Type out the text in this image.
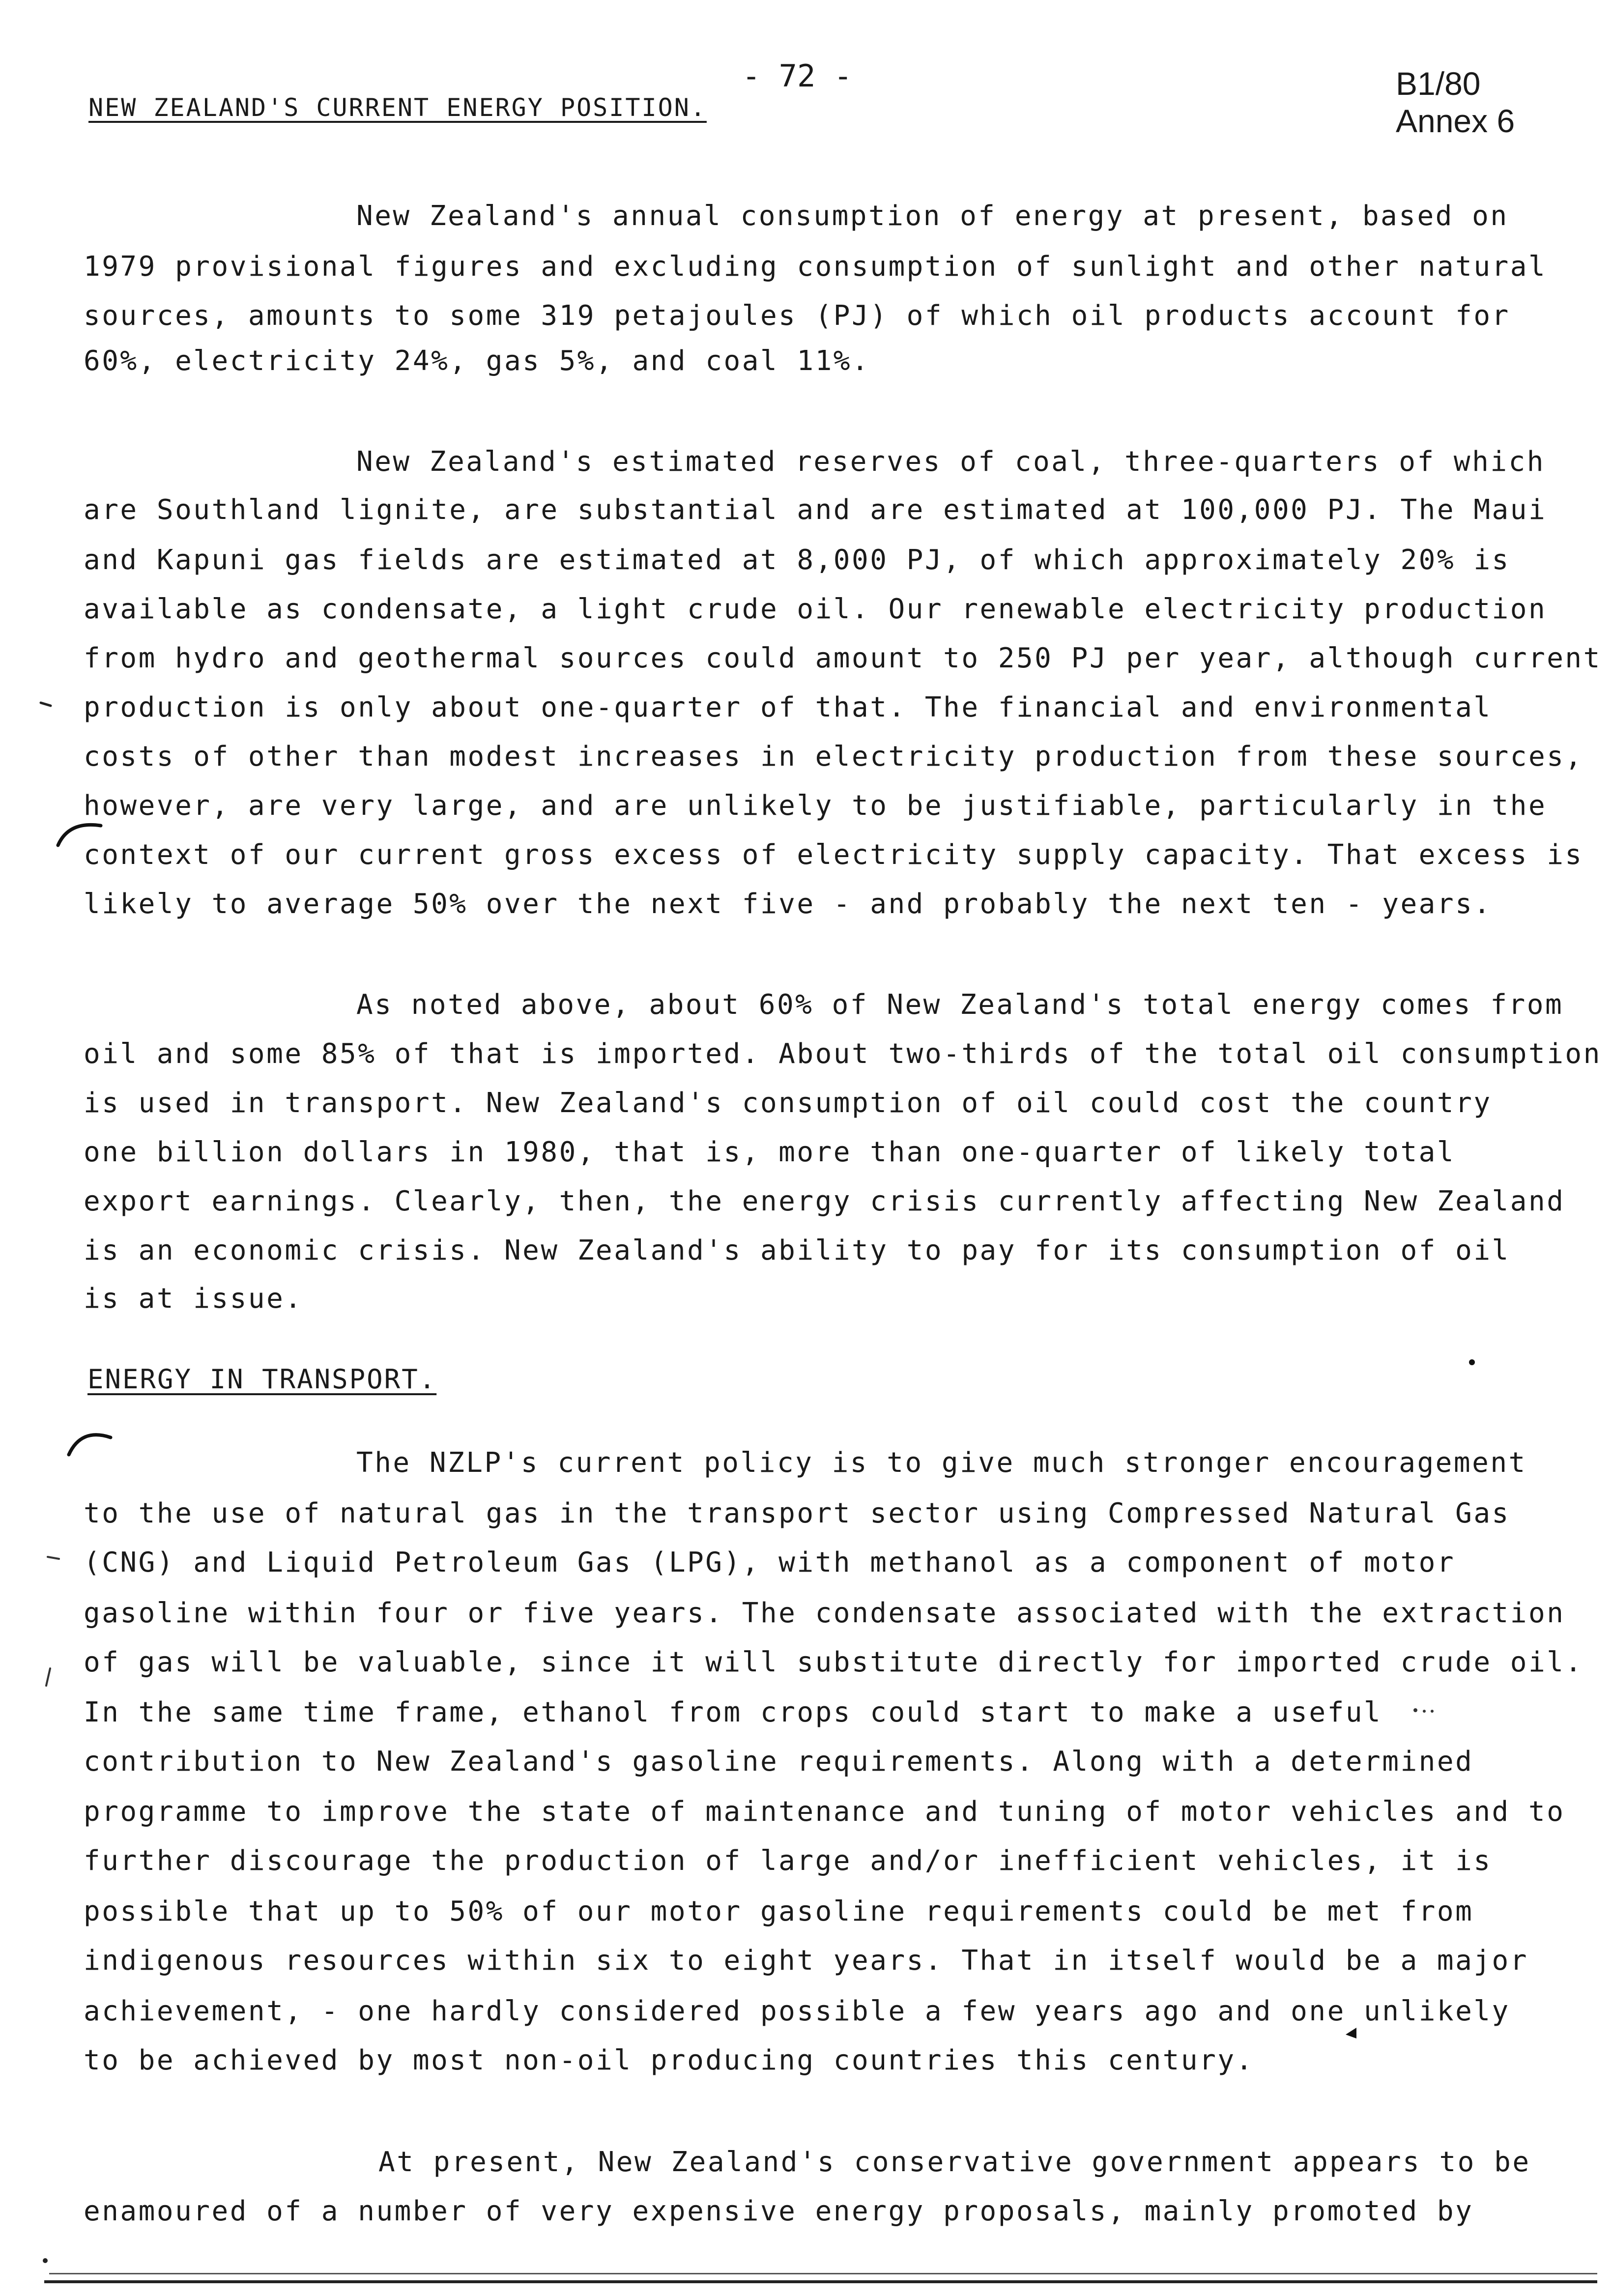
- 72 -	B1/80
Annex 6
NEW ZEALAND'S CURRENT ENERGY POSITION.
New Zealand's annual consumption of energy at present, based on
1979 provisional figures and excluding consumption of sunlight and other natural
sources, amounts to some 319 petajoules (PJ) of which oil products account for
60%, electricity 24%, gas 5%, and coal 11%.
New Zealand's estimated reserves of coal, three-quarters of which
are Southland lignite, are substantial and are estimated at 100,000 PJ. The Maui
and Kapuni gas fields are estimated at 8,000 PJ, of which approximately 20% is
available as condensate, a light crude oil. Our renewable electricity production
from hydro and geothermal sources could amount to 250 PJ per year, although current
production is only about one-quarter of that. The financial and environmental
costs of other than modest increases in electricity production from these sources,
however, are very large, and are unlikely to be justifiable, particularly in the
context of our current gross excess of electricity supply capacity. That excess is
likely to average 50% over the next five - and probably the next ten - years.
As noted above, about 60% of New Zealand's total energy comes from
oil and some 85% of that is imported. About two-thirds of the total oil consumption
is used in transport. New Zealand's consumption of oil could cost the country
one billion dollars in 1980, that is, more than one-quarter of likely total
export earnings. Clearly, then, the energy crisis currently affecting New Zealand
is an economic crisis. New Zealand's ability to pay for its consumption of oil
is at issue.
ENERGY IN TRANSPORT.
The NZLP's current policy is to give much stronger encouragement
to the use of natural gas in the transport sector using Compressed Natural Gas
(CNG) and Liquid Petroleum Gas (LPG), with methanol as a component of motor
gasoline within four or five years. The condensate associated with the extraction
of gas will be valuable, since it will substitute directly for imported crude oil.
In the same time frame, ethanol from crops could start to make a useful
contribution to New Zealand's gasoline requirements. Along with a determined
programme to improve the state of maintenance and tuning of motor vehicles and to
further discourage the production of large and/or inefficient vehicles, it is
possible that up to 50% of our motor gasoline requirements could be met from
indigenous resources within six to eight years. That in itself would be a major
achievement, - one hardly considered possible a few years ago and one unlikely
to be achieved by most non-oil producing countries this century.
At present, New Zealand's conservative government appears to be
enamoured of a number of very expensive energy proposals, mainly promoted by
